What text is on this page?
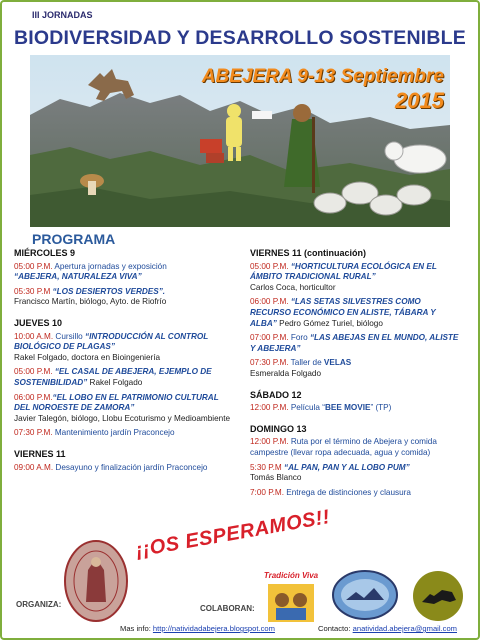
III JORNADAS
BIODIVERSIDAD Y DESARROLLO SOSTENIBLE
ABEJERA 9-13 Septiembre
2015
PROGRAMA
MIÉRCOLES 9
05:00 P.M. Apertura jornadas y exposición
“ABEJERA, NATURALEZA VIVA”
05:30 P.M “LOS DESIERTOS VERDES”.
Francisco Martín, biólogo, Ayto. de Riofrío
JUEVES 10
10:00 A.M. Cursillo “INTRODUCCIÓN AL CONTROL BIOLÓGICO DE PLAGAS”
Rakel Folgado, doctora en Bioingeniería
05:00 P.M. “EL CASAL DE ABEJERA, EJEMPLO DE SOSTENIBILIDAD” Rakel Folgado
06:00 P.M.“EL LOBO EN EL PATRIMONIO CULTURAL DEL NOROESTE DE ZAMORA”
Javier Talegón, biólogo, Llobu Ecoturismo y Medioambiente
07:30 P.M. Mantenimiento jardín Praconcejo
VIERNES 11
09:00 A.M. Desayuno y finalización jardín Praconcejo
VIERNES 11 (continuación)
05:00 P.M. “HORTICULTURA ECOLÓGICA EN EL ÁMBITO TRADICIONAL RURAL”
Carlos Coca, horticultor
06:00 P.M. “LAS SETAS SILVESTRES COMO RECURSO ECONÓMICO EN ALISTE, TÁBARA Y ALBA” Pedro Gómez Turiel, biólogo
07:00 P.M. Foro “LAS ABEJAS EN EL MUNDO, ALISTE Y ABEJERA”
07:30 P.M. Taller de VELAS
Esmeralda Folgado
SÁBADO 12
12:00 P.M. Película “BEE MOVIE” (TP)
DOMINGO 13
12:00 P.M. Ruta por el término de Abejera y comida campestre (llevar ropa adecuada, agua y comida)
5:30 P.M “AL PAN, PAN Y AL LOBO PUM”
Tomás Blanco
7:00 P.M. Entrega de distinciones y clausura
¡¡OS ESPERAMOS!!
ORGANIZA:	COLABORAN:
Tradición Viva
Mas info: http://natividadabejera.blogspot.com	Contacto: anatividad.abejera@gmail.com
